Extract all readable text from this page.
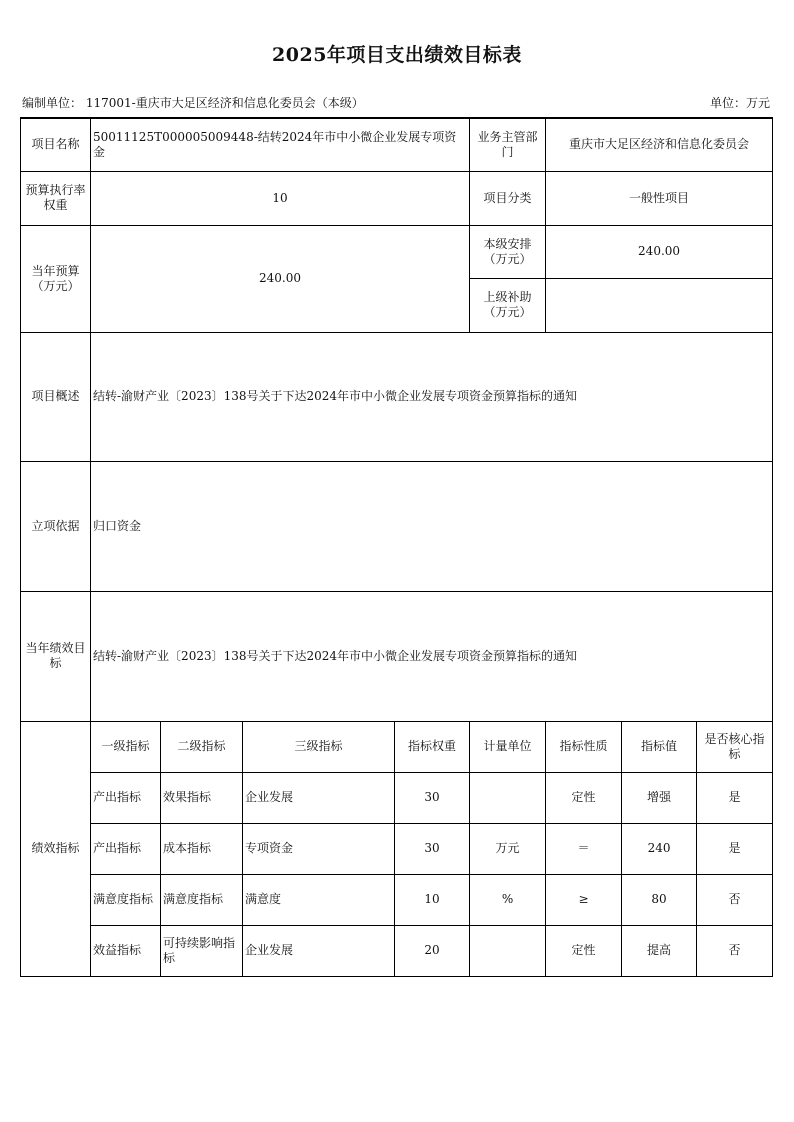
2025年项目支出绩效目标表
编制单位： 117001-重庆市大足区经济和信息化委员会（本级）	单位：万元
项目名称	50011125T000005009448-结转2024年市中小微企业发展专项资金				业务主管部门	重庆市大足区经济和信息化委员会		
预算执行率权重	10				项目分类	一般性项目		
当年预算（万元）	240.00				本级安排（万元）	240.00		
					上级补助（万元）			
项目概述	结转-渝财产业〔2023〕138号关于下达2024年市中小微企业发展专项资金预算指标的通知							
立项依据	归口资金							
当年绩效目标	结转-渝财产业〔2023〕138号关于下达2024年市中小微企业发展专项资金预算指标的通知							
绩效指标	一级指标	二级指标	三级指标	指标权重	计量单位	指标性质	指标值	是否核心指标
	产出指标	效果指标	企业发展	30		定性	增强	是
	产出指标	成本指标	专项资金	30	万元	＝	240	是
	满意度指标	满意度指标	满意度	10	%	≥	80	否
	效益指标	可持续影响指标	企业发展	20		定性	提高	否
